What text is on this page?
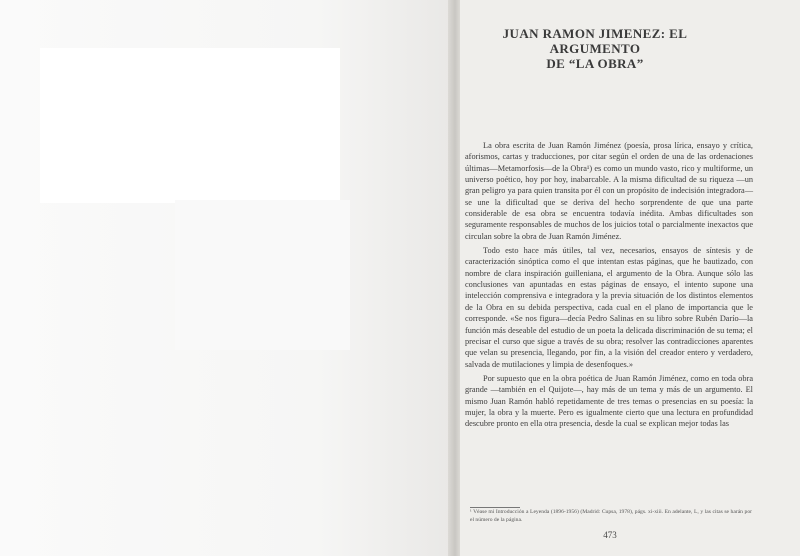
JUAN RAMON JIMENEZ: EL ARGUMENTO
DE “LA OBRA”

La obra escrita de Juan Ramón Jiménez (poesía, prosa lírica, ensayo y crítica, aforismos, cartas y traducciones, por citar según el orden de una de las ordenaciones últimas—Metamorfosis—de la Obra¹) es como un mundo vasto, rico y multiforme, un universo poético, hoy por hoy, inabarcable. A la misma dificultad de su riqueza —un gran peligro ya para quien transita por él con un propósito de indecisión integradora— se une la dificultad que se deriva del hecho sorprendente de que una parte considerable de esa obra se encuentra todavía inédita. Ambas dificultades son seguramente responsables de muchos de los juicios total o parcialmente inexactos que circulan sobre la obra de Juan Ramón Jiménez.

Todo esto hace más útiles, tal vez, necesarios, ensayos de síntesis y de caracterización sinóptica como el que intentan estas páginas, que he bautizado, con nombre de clara inspiración guilleniana, el argumento de la Obra. Aunque sólo las conclusiones van apuntadas en estas páginas de ensayo, el intento supone una intelección comprensiva e integradora y la previa situación de los distintos elementos de la Obra en su debida perspectiva, cada cual en el plano de importancia que le corresponde. «Se nos figura—decía Pedro Salinas en su libro sobre Rubén Darío—la función más deseable del estudio de un poeta la delicada discriminación de su tema; el precisar el curso que sigue a través de su obra; resolver las contradicciones aparentes que velan su presencia, llegando, por fin, a la visión del creador entero y verdadero, salvada de mutilaciones y limpia de desenfoques.»

Por supuesto que en la obra poética de Juan Ramón Jiménez, como en toda obra grande —también en el Quijote—, hay más de un tema y más de un argumento. El mismo Juan Ramón habló repetidamente de tres temas o presencias en su poesía: la mujer, la obra y la muerte. Pero es igualmente cierto que una lectura en profundidad descubre pronto en ella otra presencia, desde la cual se explican mejor todas las

¹ Véase mi Introducción a Leyenda (1896-1956) (Madrid: Cupsa, 1978), págs. xi-xiii. En adelante, L, y las citas se harán por el número de la página.
473
